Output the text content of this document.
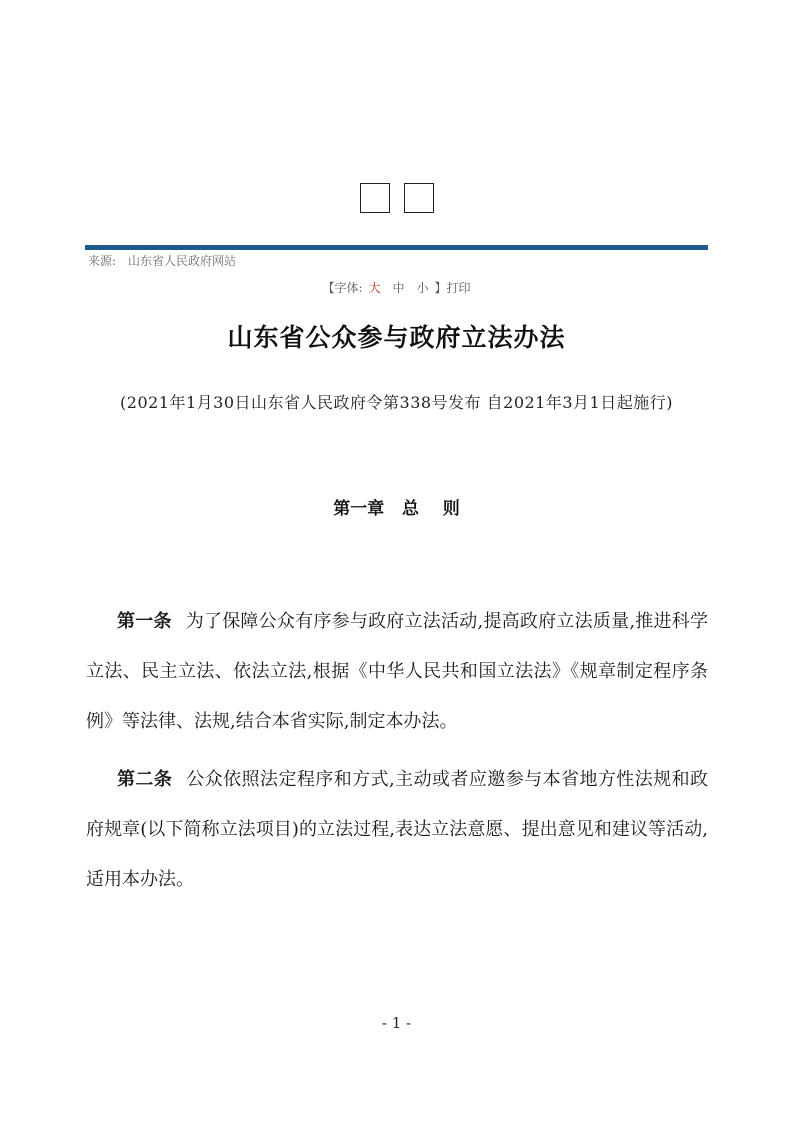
来源: 山东省人民政府网站
【字体: 大 中 小 】打印
山东省公众参与政府立法办法
(2021年1月30日山东省人民政府令第338号发布 自2021年3月1日起施行)
第一章   总    则
第一条 为了保障公众有序参与政府立法活动,提高政府立法质量,推进科学立法、民主立法、依法立法,根据《中华人民共和国立法法》《规章制定程序条例》等法律、法规,结合本省实际,制定本办法。
第二条 公众依照法定程序和方式,主动或者应邀参与本省地方性法规和政府规章(以下简称立法项目)的立法过程,表达立法意愿、提出意见和建议等活动,适用本办法。
- 1 -
